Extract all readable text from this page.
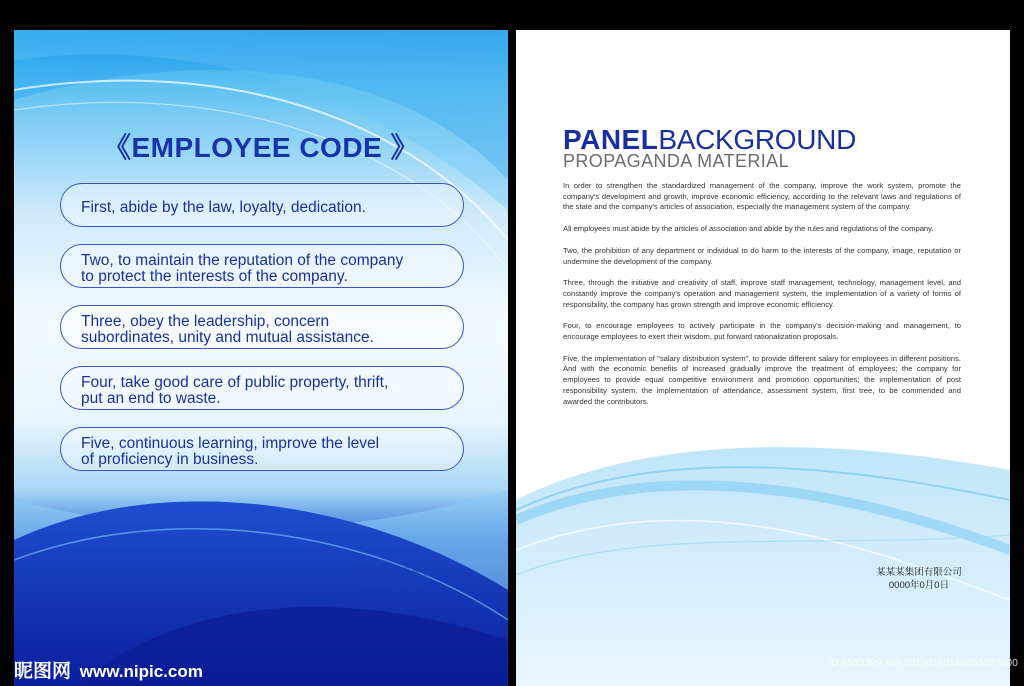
《EMPLOYEE CODE 》
First, abide by the law, loyalty, dedication.
Two, to maintain the reputation of the company
to protect the interests of the company.
Three, obey the leadership, concern
subordinates, unity and mutual assistance.
Four, take good care of public property, thrift,
put an end to waste.
Five, continuous learning, improve the level
of proficiency in business.
某某某集团有限公司
0000年0月0日
PANELBACKGROUND
PROPAGANDA MATERIAL

In order to strengthen the standardized management of the company, improve the work system, promote the company's development and growth, improve economic efficiency, according to the relevant laws and regulations of the state and the company's articles of association, especially the management system of the company.

All employees must abide by the articles of association and abide by the rules and regulations of the company.

Two, the prohibition of any department or individual to do harm to the interests of the company, image, reputation or undermine the development of the company.

Three, through the initiative and creativity of staff, improve staff management, technology, management level, and constantly improve the company's operation and management system, the implementation of a variety of forms of responsibility, the company has grown strength and improve economic efficiency.

Four, to encourage employees to actively participate in the company's decision-making and management, to encourage employees to exert their wisdom, put forward rationalization proposals.

Five, the implementation of "salary distribution system", to provide different salary for employees in different positions. And with the economic benefits of increased gradually improve the treatment of employees; the company for employees to provide equal competitive environment and promotion opportunities; the implementation of post responsibility system, the implementation of attendance, assessment system, first tree, to be commended and awarded the contributors.

某某某集团有限公司
0000年0月0日
昵图网 www.nipic.com	ID:8533399 NO:20190110140053067000
